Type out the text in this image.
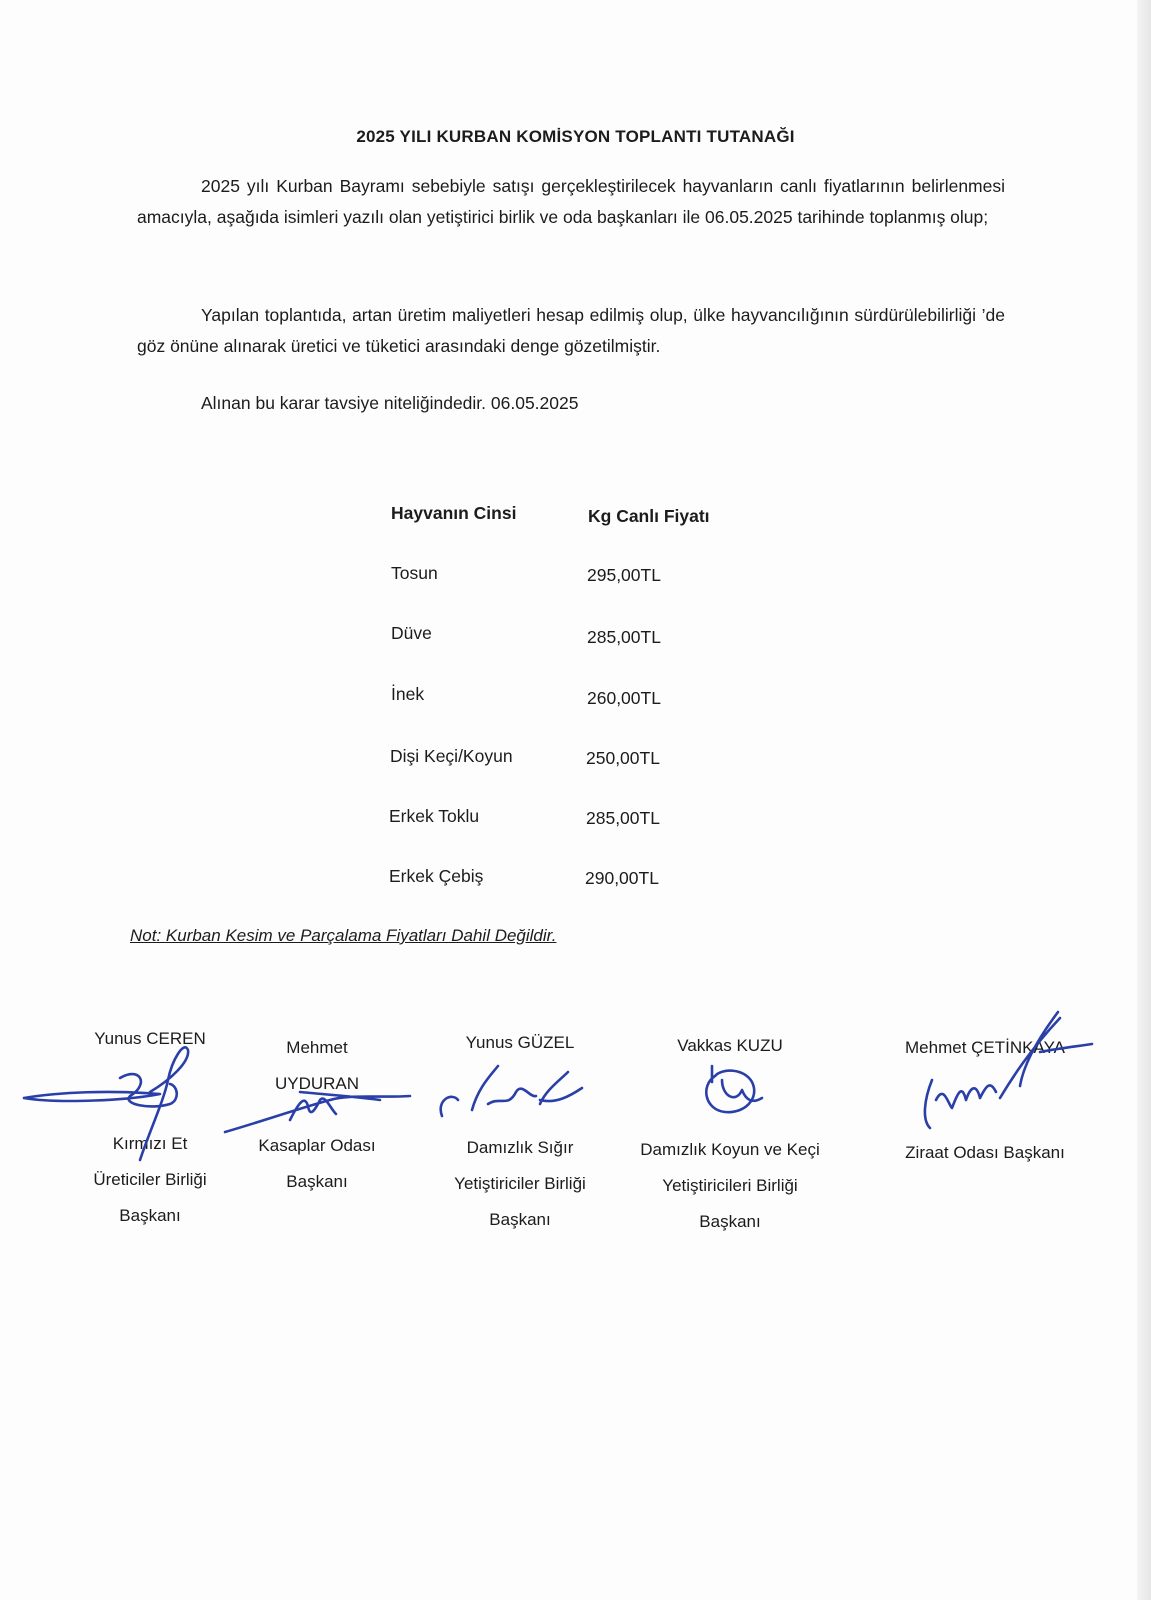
2025 YILI KURBAN KOMİSYON TOPLANTI TUTANAĞI
2025 yılı Kurban Bayramı sebebiyle satışı gerçekleştirilecek hayvanların canlı fiyatlarının belirlenmesi amacıyla, aşağıda isimleri yazılı olan yetiştirici birlik ve oda başkanları ile 06.05.2025 tarihinde toplanmış olup;
Yapılan toplantıda, artan üretim maliyetleri hesap edilmiş olup, ülke hayvancılığının sürdürülebilirliği ’de göz önüne alınarak üretici ve tüketici arasındaki denge gözetilmiştir.
Alınan bu karar tavsiye niteliğindedir. 06.05.2025
Hayvanın Cinsi	Kg Canlı Fiyatı
Tosun	295,00TL
Düve	285,00TL
İnek	260,00TL
Dişi Keçi/Koyun	250,00TL
Erkek Toklu	285,00TL
Erkek Çebiş	290,00TL
Not: Kurban Kesim ve Parçalama Fiyatları Dahil Değildir.
Yunus CEREN
Kırmızı Et
Üreticiler Birliği
Başkanı
Mehmet
UYDURAN
Kasaplar Odası
Başkanı
Yunus GÜZEL
Damızlık Sığır
Yetiştiriciler Birliği
Başkanı
Vakkas KUZU
Damızlık Koyun ve Keçi
Yetiştiricileri Birliği
Başkanı
Mehmet ÇETİNKAYA
Ziraat Odası Başkanı
